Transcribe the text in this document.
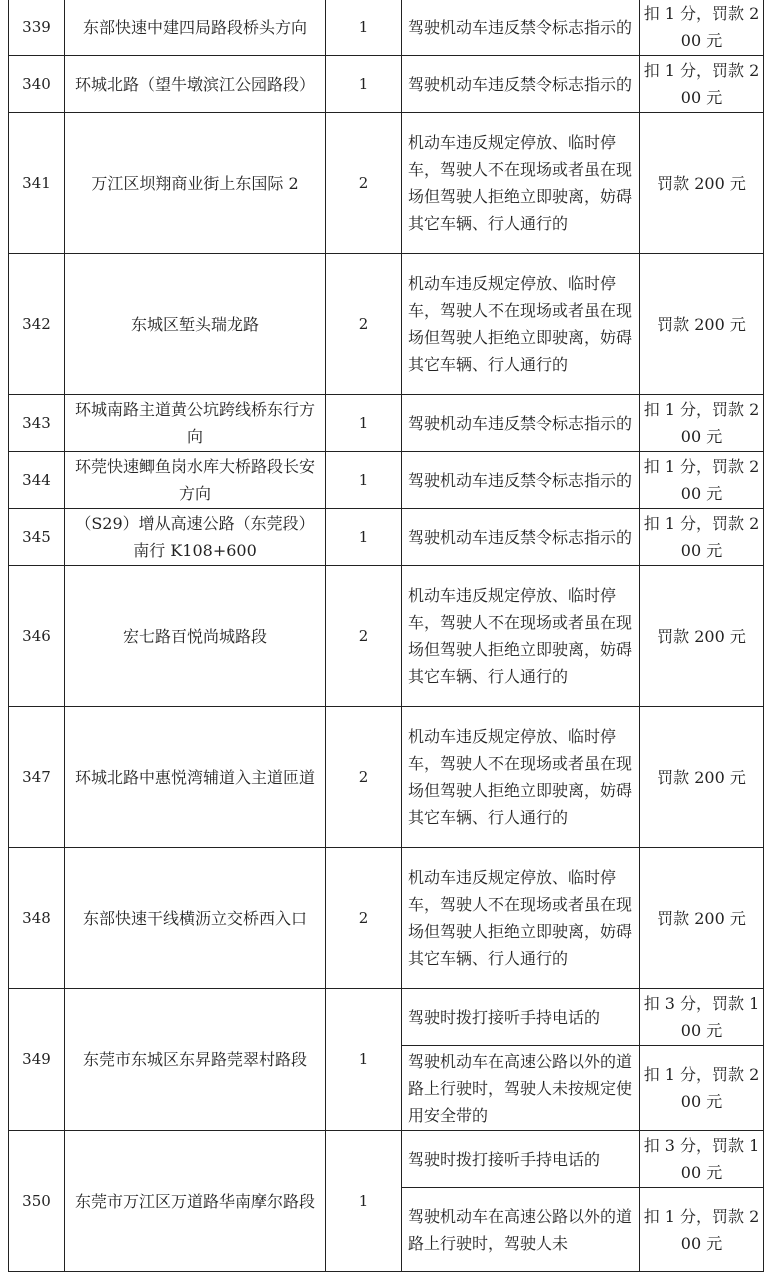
339	东部快速中建四局路段桥头方向	1	驾驶机动车违反禁令标志指示的	扣 1 分，罚款 200 元
340	环城北路（望牛墩滨江公园路段）	1	驾驶机动车违反禁令标志指示的	扣 1 分，罚款 200 元
341	万江区坝翔商业街上东国际 2	2	机动车违反规定停放、临时停车，驾驶人不在现场或者虽在现场但驾驶人拒绝立即驶离，妨碍其它车辆、行人通行的	罚款 200 元
342	东城区堑头瑞龙路	2	机动车违反规定停放、临时停车，驾驶人不在现场或者虽在现场但驾驶人拒绝立即驶离，妨碍其它车辆、行人通行的	罚款 200 元
343	环城南路主道黄公坑跨线桥东行方向	1	驾驶机动车违反禁令标志指示的	扣 1 分，罚款 200 元
344	环莞快速鲫鱼岗水库大桥路段长安方向	1	驾驶机动车违反禁令标志指示的	扣 1 分，罚款 200 元
345	（S29）增从高速公路（东莞段）南行 K108+600	1	驾驶机动车违反禁令标志指示的	扣 1 分，罚款 200 元
346	宏七路百悦尚城路段	2	机动车违反规定停放、临时停车，驾驶人不在现场或者虽在现场但驾驶人拒绝立即驶离，妨碍其它车辆、行人通行的	罚款 200 元
347	环城北路中惠悦湾辅道入主道匝道	2	机动车违反规定停放、临时停车，驾驶人不在现场或者虽在现场但驾驶人拒绝立即驶离，妨碍其它车辆、行人通行的	罚款 200 元
348	东部快速干线横沥立交桥西入口	2	机动车违反规定停放、临时停车，驾驶人不在现场或者虽在现场但驾驶人拒绝立即驶离，妨碍其它车辆、行人通行的	罚款 200 元
349	东莞市东城区东昇路莞翠村路段	1	驾驶时拨打接听手持电话的	扣 3 分，罚款 100 元
			驾驶机动车在高速公路以外的道路上行驶时，驾驶人未按规定使用安全带的	扣 1 分，罚款 200 元
350	东莞市万江区万道路华南摩尔路段	1	驾驶时拨打接听手持电话的	扣 3 分，罚款 100 元
			驾驶机动车在高速公路以外的道路上行驶时，驾驶人未	扣 1 分，罚款 200 元
